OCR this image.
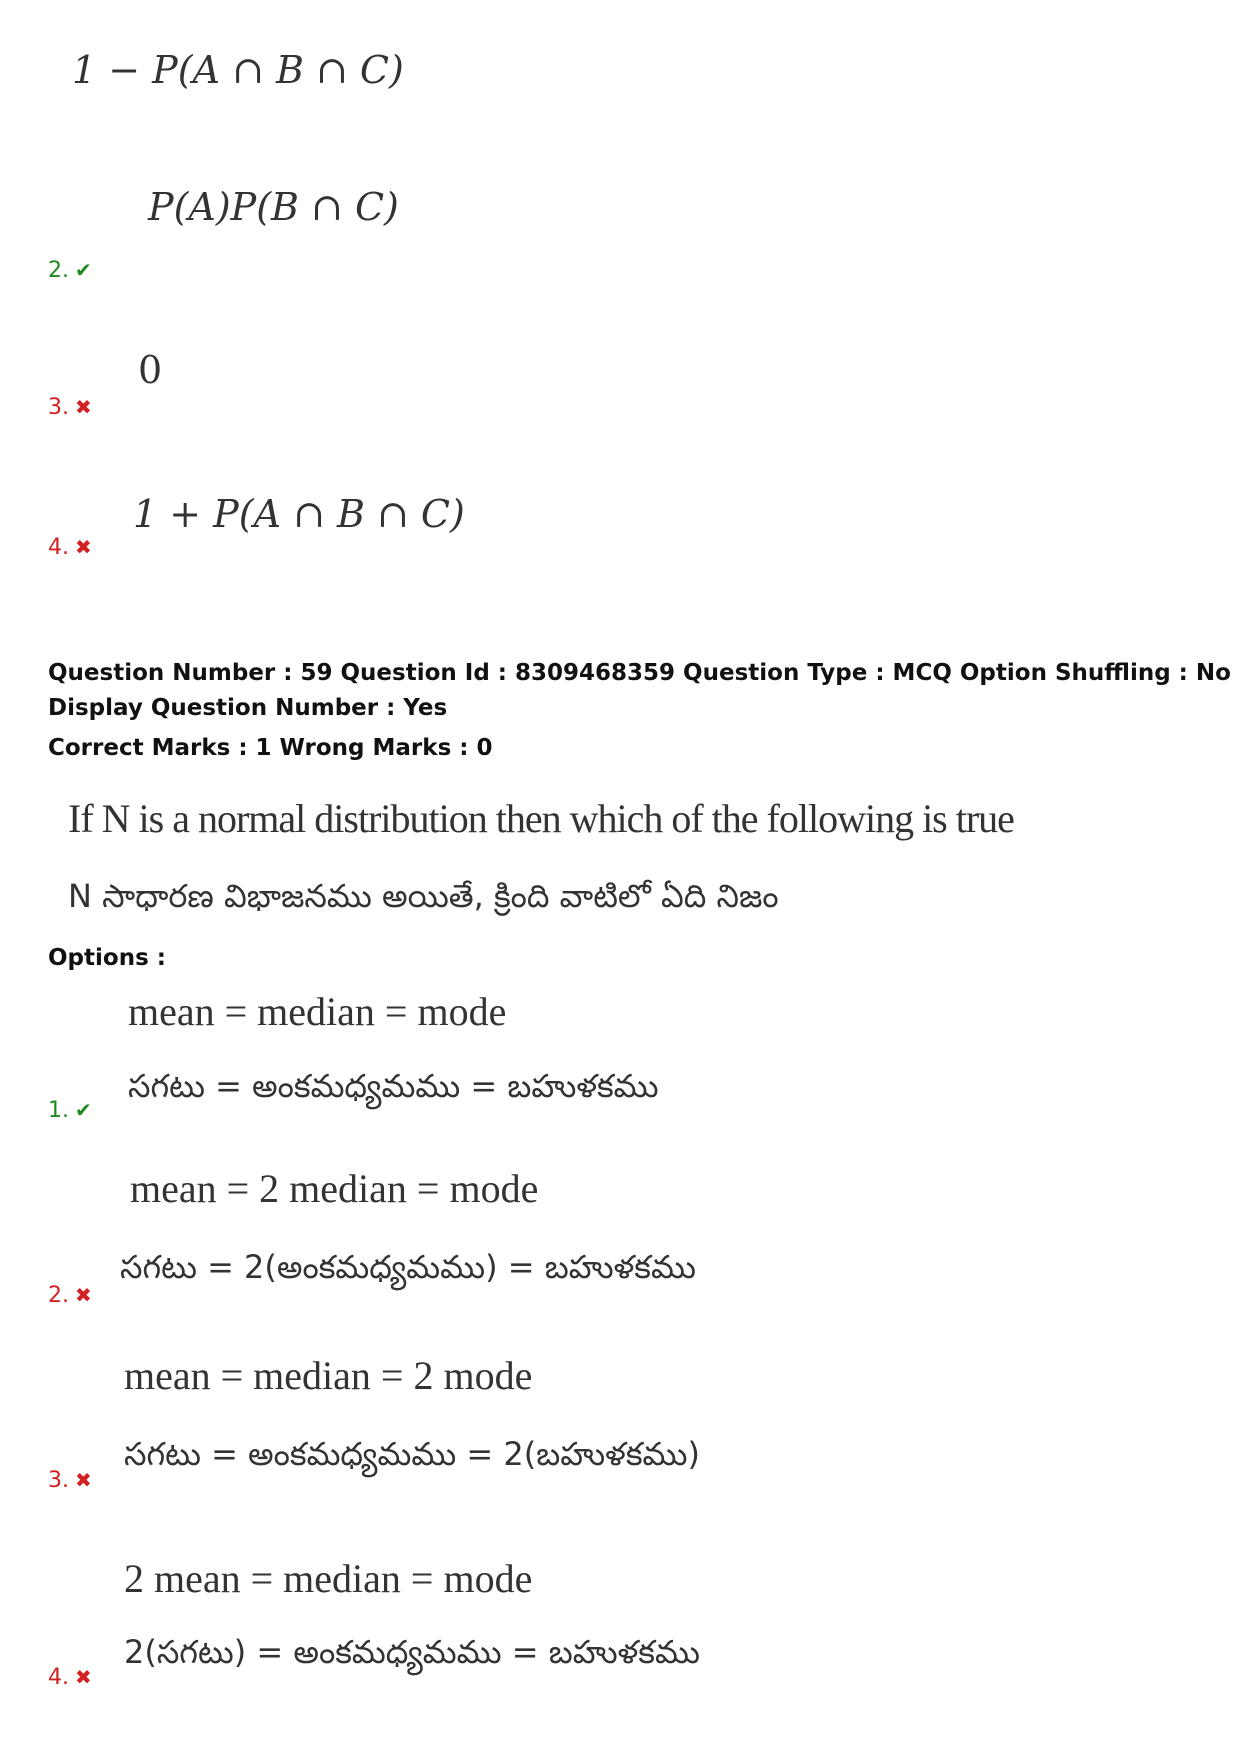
1 − P(A ∩ B ∩ C)
P(A)P(B ∩ C)
2. ✔
0
3. ✖
1 + P(A ∩ B ∩ C)
4. ✖
Question Number : 59 Question Id : 8309468359 Question Type : MCQ Option Shuffling : No
Display Question Number : Yes
Correct Marks : 1 Wrong Marks : 0
If N is a normal distribution then which of the following is true
N సాధారణ విభాజనము అయితే, క్రింది వాటిలో ఏది నిజం
Options :
mean = median = mode
సగటు = అంకమధ్యమము = బహుళకము
1. ✔
mean = 2 median = mode
సగటు = 2(అంకమధ్యమము) = బహుళకము
2. ✖
mean = median = 2 mode
సగటు = అంకమధ్యమము = 2(బహుళకము)
3. ✖
2 mean = median = mode
2(సగటు) = అంకమధ్యమము = బహుళకము
4. ✖
